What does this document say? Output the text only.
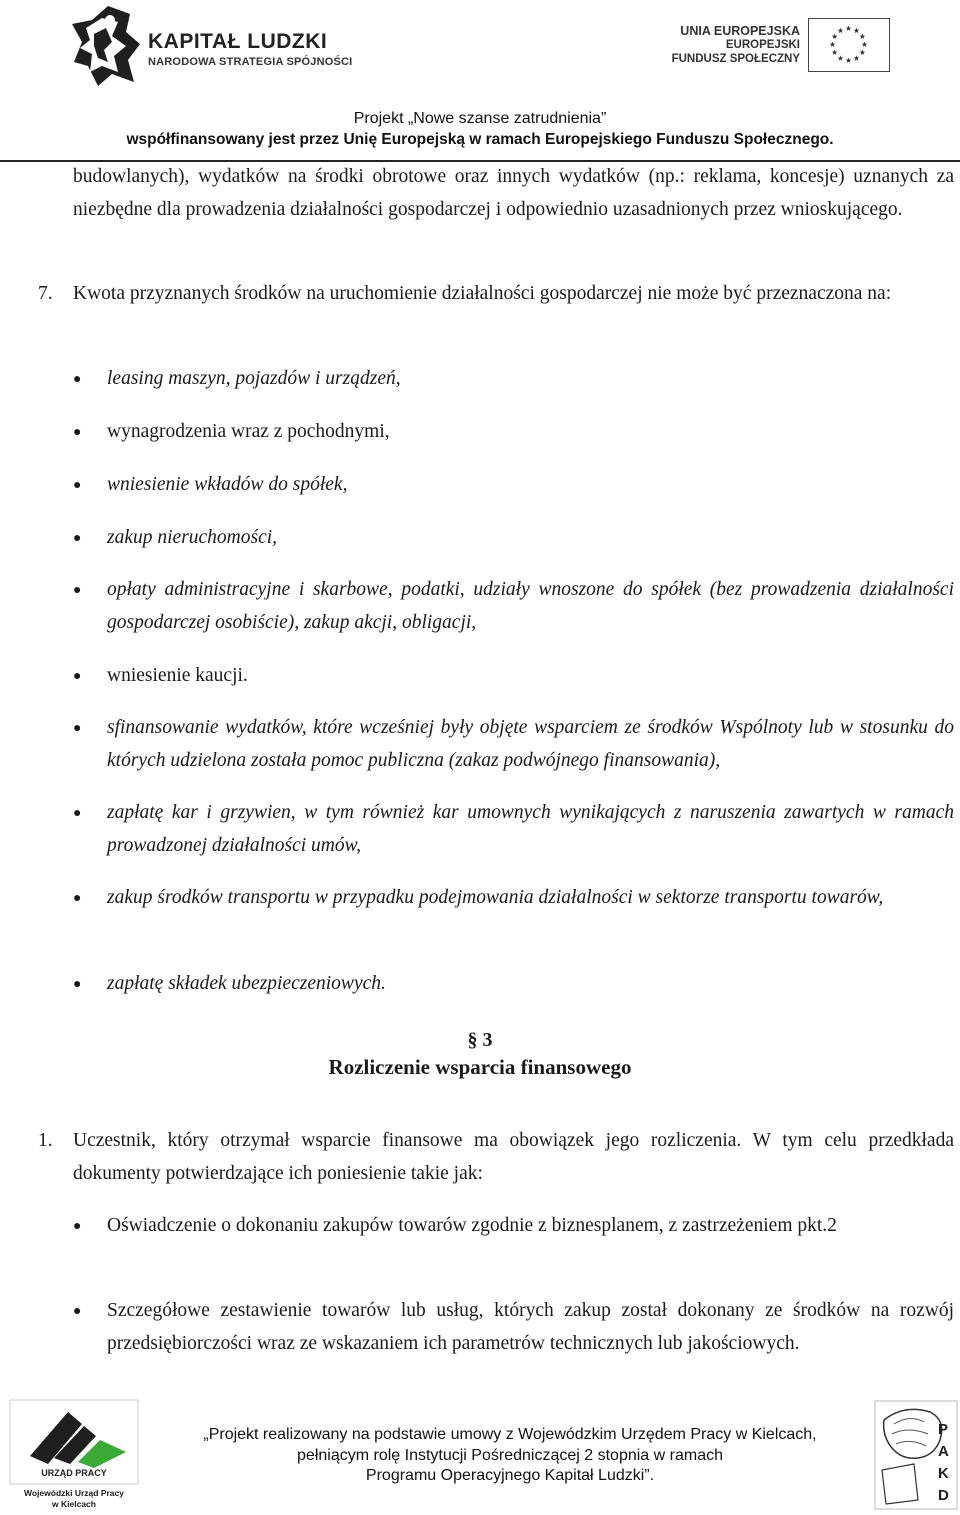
KAPITAŁ LUDZKI
NARODOWA STRATEGIA SPÓJNOŚCI
UNIA EUROPEJSKA
EUROPEJSKI
FUNDUSZ SPOŁECZNY
Projekt „Nowe szanse zatrudnienia”
współfinansowany jest przez Unię Europejską w ramach Europejskiego Funduszu Społecznego.
budowlanych), wydatków na środki obrotowe oraz innych wydatków (np.: reklama, koncesje) uznanych za niezbędne dla prowadzenia działalności gospodarczej i odpowiednio uzasadnionych przez wnioskującego.
7. Kwota przyznanych środków na uruchomienie działalności gospodarczej nie może być przeznaczona na:
●	leasing maszyn, pojazdów i urządzeń,
●	wynagrodzenia wraz z pochodnymi,
●	wniesienie wkładów do spółek,
●	zakup nieruchomości,
●	opłaty administracyjne i skarbowe, podatki, udziały wnoszone do spółek (bez prowadzenia działalności gospodarczej osobiście), zakup akcji, obligacji,
●	wniesienie kaucji.
●	sfinansowanie wydatków, które wcześniej były objęte wsparciem ze środków Wspólnoty lub w stosunku do których udzielona została pomoc publiczna (zakaz podwójnego finansowania),
●	zapłatę kar i grzywien, w tym również kar umownych wynikających z naruszenia zawartych w ramach prowadzonej działalności umów,
●	zakup środków transportu w przypadku podejmowania działalności w sektorze transportu towarów,
●	zapłatę składek ubezpieczeniowych.
§ 3
Rozliczenie wsparcia finansowego
1. Uczestnik, który otrzymał wsparcie finansowe ma obowiązek jego rozliczenia. W tym celu przedkłada dokumenty potwierdzające ich poniesienie takie jak:
●	Oświadczenie o dokonaniu zakupów towarów zgodnie z biznesplanem, z zastrzeżeniem pkt.2
●	Szczegółowe zestawienie towarów lub usług, których zakup został dokonany ze środków na rozwój przedsiębiorczości wraz ze wskazaniem ich parametrów technicznych lub jakościowych.
URZĄD PRACY
Wojewódzki Urząd Pracy
w Kielcach
„Projekt realizowany na podstawie umowy z Wojewódzkim Urzędem Pracy w Kielcach,
pełniącym rolę Instytucji Pośredniczącej 2 stopnia w ramach
Programu Operacyjnego Kapitał Ludzki”.
P
A
K
D
